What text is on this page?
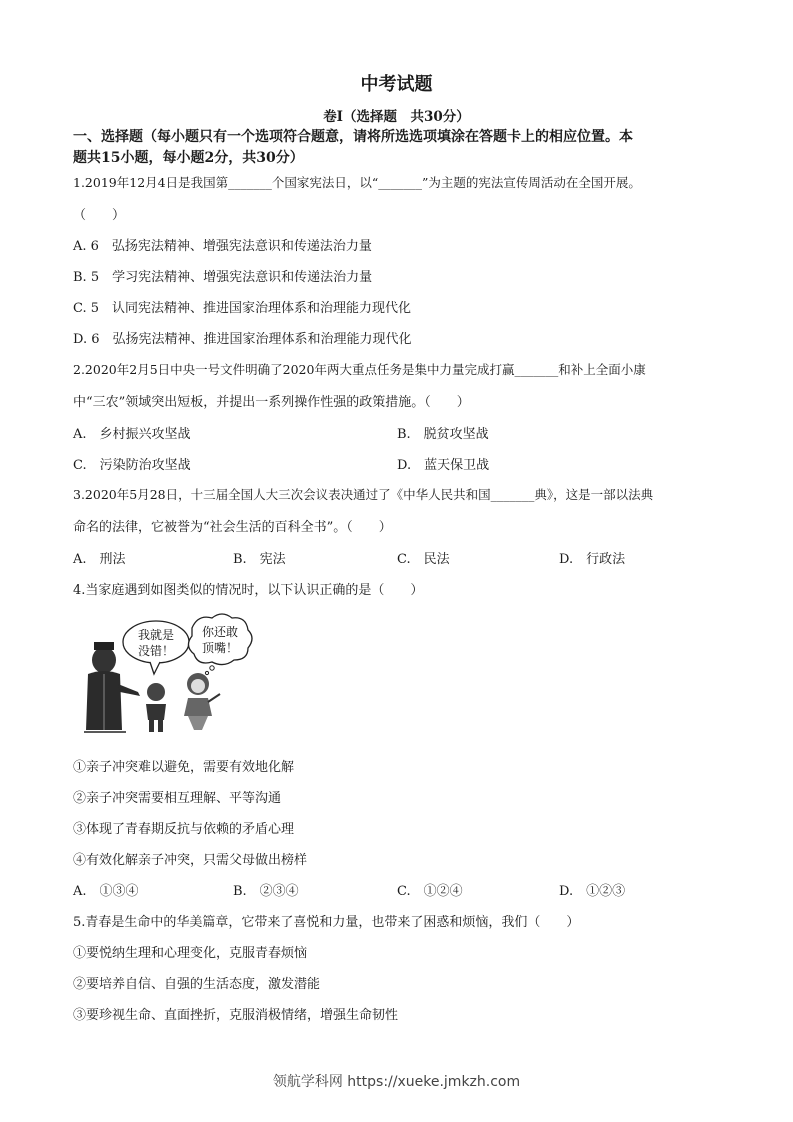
中考试题
卷Ⅰ（选择题　共30分）
一、选择题（每小题只有一个选项符合题意，请将所选选项填涂在答题卡上的相应位置。本
题共15小题，每小题2分，共30分）
1.2019年12月4日是我国第_______个国家宪法日，以“_______”为主题的宪法宣传周活动在全国开展。
（　　）
A. 6　弘扬宪法精神、增强宪法意识和传递法治力量
B. 5　学习宪法精神、增强宪法意识和传递法治力量
C. 5　认同宪法精神、推进国家治理体系和治理能力现代化
D. 6　弘扬宪法精神、推进国家治理体系和治理能力现代化
2.2020年2月5日中央一号文件明确了2020年两大重点任务是集中力量完成打赢_______和补上全面小康
中“三农”领域突出短板，并提出一系列操作性强的政策措施。（　　）
A.　乡村振兴攻坚战	B.　脱贫攻坚战
C.　污染防治攻坚战	D.　蓝天保卫战
3.2020年5月28日，十三届全国人大三次会议表决通过了《中华人民共和国_______典》，这是一部以法典
命名的法律，它被誉为“社会生活的百科全书”。（　　）
A.　刑法	B.　宪法	C.　民法	D.　行政法
4.当家庭遇到如图类似的情况时，以下认识正确的是（　　）
我就是
没错！
你还敢
顶嘴！
①亲子冲突难以避免，需要有效地化解
②亲子冲突需要相互理解、平等沟通
③体现了青春期反抗与依赖的矛盾心理
④有效化解亲子冲突，只需父母做出榜样
A.　①③④	B.　②③④	C.　①②④	D.　①②③
5.青春是生命中的华美篇章，它带来了喜悦和力量，也带来了困惑和烦恼，我们（　　）
①要悦纳生理和心理变化，克服青春烦恼
②要培养自信、自强的生活态度，激发潜能
③要珍视生命、直面挫折，克服消极情绪，增强生命韧性
领航学科网 https://xueke.jmkzh.com
